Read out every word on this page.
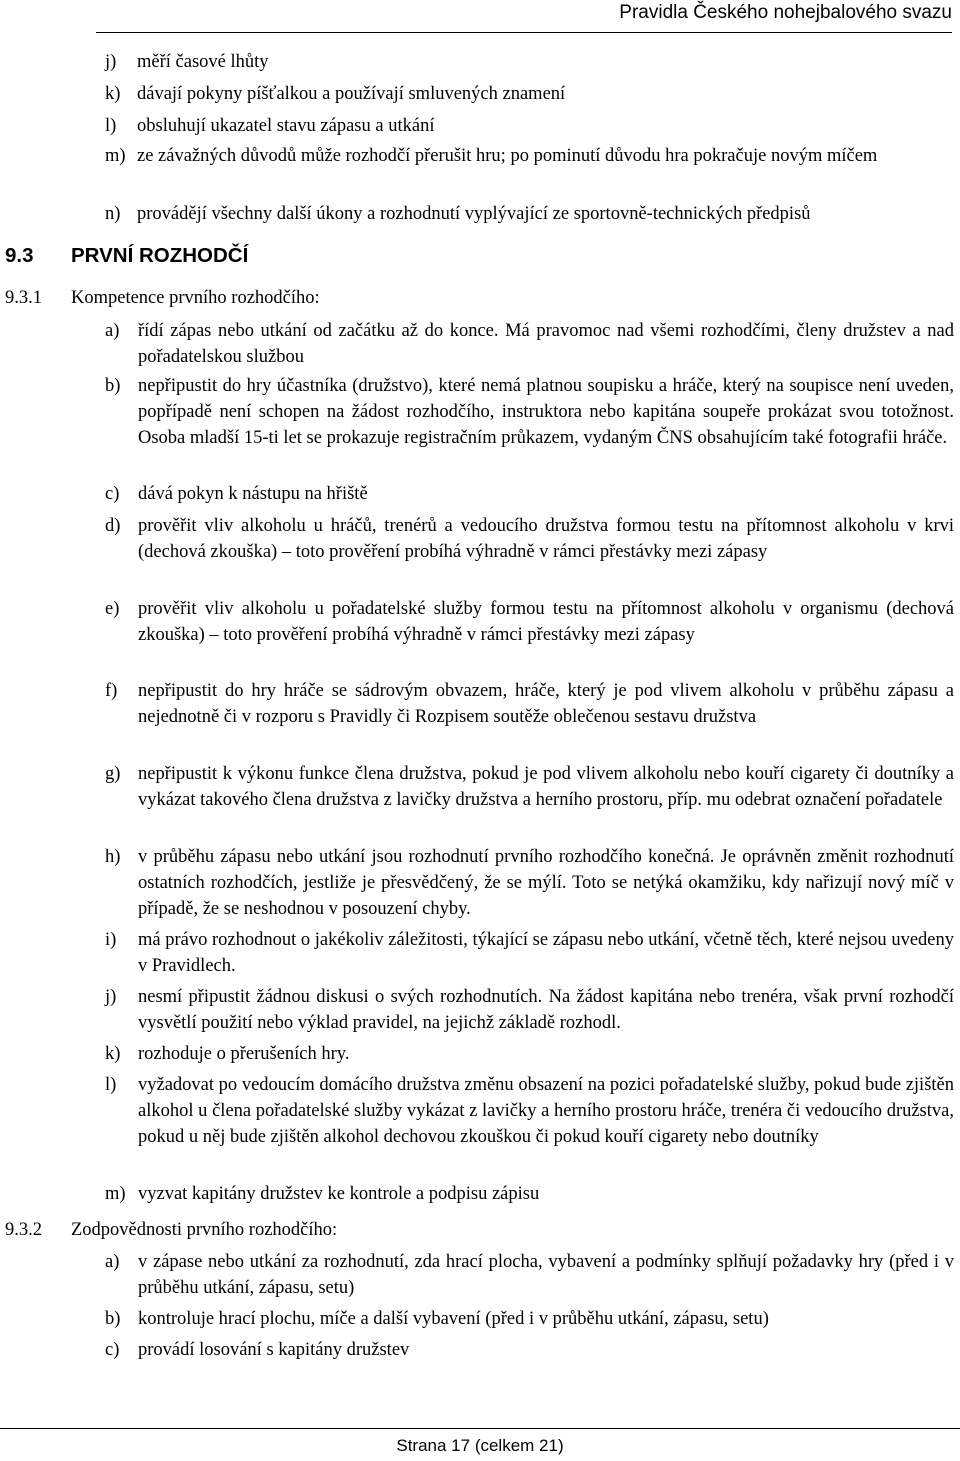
Pravidla Českého nohejbalového svazu
j)	měří časové lhůty
k) dávají pokyny píšťalkou a používají smluvených znamení
l)	obsluhují ukazatel stavu zápasu a utkání
m) ze závažných důvodů může rozhodčí přerušit hru; po pominutí důvodu hra pokračuje novým míčem
n) provádějí všechny další úkony a rozhodnutí vyplývající ze sportovně-technických předpisů
9.3 PRVNÍ ROZHODČÍ
9.3.1	Kompetence prvního rozhodčího:
a)	řídí zápas nebo utkání od začátku až do konce. Má pravomoc nad všemi rozhodčími, členy družstev a nad pořadatelskou službou
b) nepřipustit do hry účastníka (družstvo), které nemá platnou soupisku a hráče, který na soupisce není uveden, popřípadě není schopen na žádost rozhodčího, instruktora nebo kapitána soupeře prokázat svou totožnost. Osoba mladší 15-ti let se prokazuje registračním průkazem, vydaným ČNS obsahujícím také fotografii hráče.
c)	dává pokyn k nástupu na hřiště
d) prověřit vliv alkoholu u hráčů, trenérů a vedoucího družstva formou testu na přítomnost alkoholu v krvi (dechová zkouška) – toto prověření probíhá výhradně v rámci přestávky mezi zápasy
e)	prověřit vliv alkoholu u pořadatelské služby formou testu na přítomnost alkoholu v organismu (dechová zkouška) – toto prověření probíhá výhradně v rámci přestávky mezi zápasy
f)	nepřipustit do hry hráče se sádrovým obvazem, hráče, který je pod vlivem alkoholu v průběhu zápasu a nejednotně či v rozporu s Pravidly či Rozpisem soutěže oblečenou sestavu družstva
g) nepřipustit k výkonu funkce člena družstva, pokud je pod vlivem alkoholu nebo kouří cigarety či doutníky a vykázat takového člena družstva z lavičky družstva a herního prostoru, příp. mu odebrat označení pořadatele
h) v průběhu zápasu nebo utkání jsou rozhodnutí prvního rozhodčího konečná. Je oprávněn změnit rozhodnutí ostatních rozhodčích, jestliže je přesvědčený, že se mýlí. Toto se netýká okamžiku, kdy nařizují nový míč v případě, že se neshodnou v posouzení chyby.
i)	má právo rozhodnout o jakékoliv záležitosti, týkající se zápasu nebo utkání, včetně těch, které nejsou uvedeny v Pravidlech.
j)	nesmí připustit žádnou diskusi o svých rozhodnutích. Na žádost kapitána nebo trenéra, však první rozhodčí vysvětlí použití nebo výklad pravidel, na jejichž základě rozhodl.
k) rozhoduje o přerušeních hry.
l)	vyžadovat po vedoucím domácího družstva změnu obsazení na pozici pořadatelské služby, pokud bude zjištěn alkohol u člena pořadatelské služby vykázat z lavičky a herního prostoru hráče, trenéra či vedoucího družstva, pokud u něj bude zjištěn alkohol dechovou zkouškou či pokud kouří cigarety nebo doutníky
m) vyzvat kapitány družstev ke kontrole a podpisu zápisu
9.3.2	Zodpovědnosti prvního rozhodčího:
a)	v zápase nebo utkání za rozhodnutí, zda hrací plocha, vybavení a podmínky splňují požadavky hry (před i v průběhu utkání, zápasu, setu)
b) kontroluje hrací plochu, míče a další vybavení (před i v průběhu utkání, zápasu, setu)
c)	provádí losování s kapitány družstev
Strana 17 (celkem 21)
